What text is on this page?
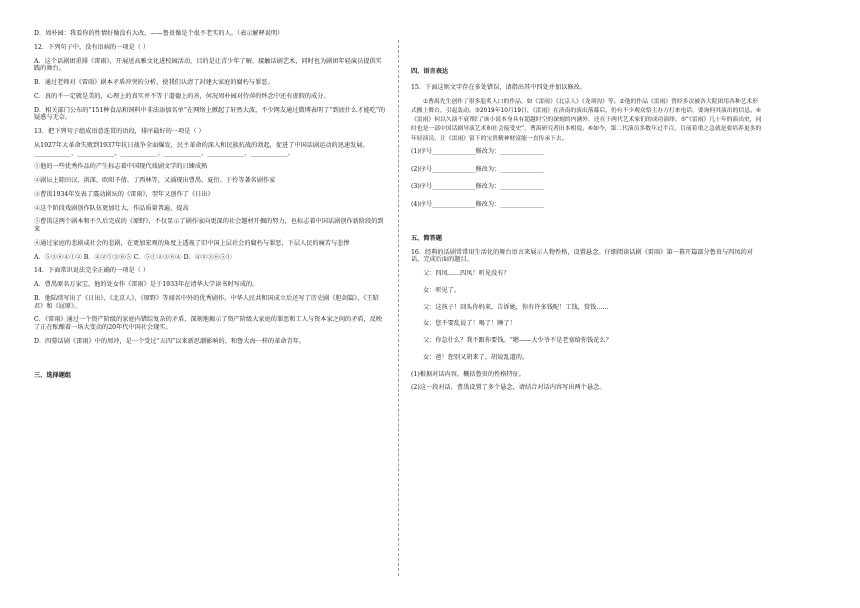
D．周朴园：我看你的性情好像没有大改，——鲁贵像是个很不老实的人。（表示解释说明）

12．下列句子中，没有语病的一项是（ ）

A．这个话剧团重排《雷雨》，开展送高雅文化进校园活动，目的是让青少年了解、接触话剧艺术，同时也为剧团年轻演员提供实践的舞台。

B．通过老师对《雷雨》剧本矛盾冲突的分析，使我们认清了封建大家庭的腐朽与罪恶。

C．真的不一定就是美的，心理上的真实并不等于道德上的善，何况周朴园对侍萍的怀念中还有虚假的成分。

D．相关部门公布的“151种食品和饲料中非法添加名单”在网络上掀起了轩然大波，不少网友通过微博表明了“到底什么才能吃”的疑惑与无奈。

13．把下列句子组成语意连贯的语段，排序最好的一项是（ ）

从1927年大革命失败到1937年抗日战争全面爆发，民主革命的深入和民族抗战的勃起，促进了中国话剧运动的迅速发展。____________、____________、____________、____________、____________、____________。

①他的一些优秀作品的产生标志着中国现代戏剧文学的日臻成熟

②剧坛上除田汉、洪深、欧阳予倩、丁西林等，又涌现出曹禺、夏衍、于伶等著名剧作家

③曹禺1934年发表了震动剧坛的《雷雨》，翌年又创作了《日出》

④这个阶段戏剧创作队伍更加壮大，作品质量普遍，提高

⑤曹禺这两个剧本和不久后完成的《原野》，不仅显示了剧作家向更深的社会题材开掘的努力，也标志着中国话剧创作新阶段的到来

⑥通过家庭的悲剧或社会的悲剧，在更加宏观的角度上透视了旧中国上层社会的腐朽与罪恶，下层人民的痛苦与悲惨

A．⑤③⑥④①② B．④②①③⑥⑤ C．⑤①②③⑥④ D．④②③⑥⑤①

14．下面常识说法完全正确的一项是（ ）

A．曹禺原名万家宝，他的处女作《雷雨》是于1933年在清华大学读书时写成的。

B．他陆续写出了《日出》、《北京人》、《原野》等闻名中外的优秀剧作，中华人民共和国成立后还写了历史剧《胆剑篇》、《王昭君》和《屈原》。

C．《雷雨》通过一个资产阶级的家庭内错综复杂的矛盾，深刻地揭示了资产阶级大家庭的罪恶和工人与资本家之间的矛盾，反映了正在酝酿着一场大变动的20年代中国社会现实。

D．四幕话剧《雷雨》中的周冲，是一个受过“五四”以来新思潮影响的、和鲁大海一样的革命青年。

三、选择题组

四、语言表达

15．下面这则文字存在多处错误，请指出其中四处并加以修改。

①曹禺先生创作了很多脍炙人口的作品，如《雷雨》《北京人》《龙须沟》等。②他的作品《雷雨》曾经多次被各大院团用各种艺术形式搬上舞台，引起轰动。③2019年10月19日，《雷雨》在济南的演出落幕后，仍有不少观众恰主办方打来电话，要询何其演出的信息。④《雷雨》何以久演不衰?除了该小说本身具有超越时空的深刻的内涵外，还在于两代艺术家们的成功演绎。⑤“《雷雨》几十年的演出史，同时也是一部中国话剧导演艺术和社会接受史”，曹禺研究者田本相说。⑥如今，第二代演员多数年过半百，目前着重之急就是要培养更多的年轻演员，让《雷雨》留下的宝贵精神财富能一直传承下去。

(1)序号______________修改为：______________

(2)序号______________修改为：______________

(3)序号______________修改为：______________

(4)序号______________修改为：______________

五、简答题

16．经典的话剧常常用生活化的舞台语言来展示人物性格，设置悬念。仔细阅读话剧《雷雨》第一幕开篇部分鲁贵与四凤的对话，完成后面的题目。

父：四凤……四凤！听见没有？

女：听见了。

父：这孩子！回头你妈来，告诉她，你有许多钱呢！工钱，赏钱……

女：您不要乱说了！喝了！睡了！

父：你急什么？我不跟你要钱。“嗯——大少爷不是老塞给你钱花么？

女：爸！您别又胡来了，胡说乱道的。

(1)根据对话内容，概括鲁贵的性格特征。

(2)这一段对话，曹禺设置了多个悬念，请结合对话内容写出两个悬念。
